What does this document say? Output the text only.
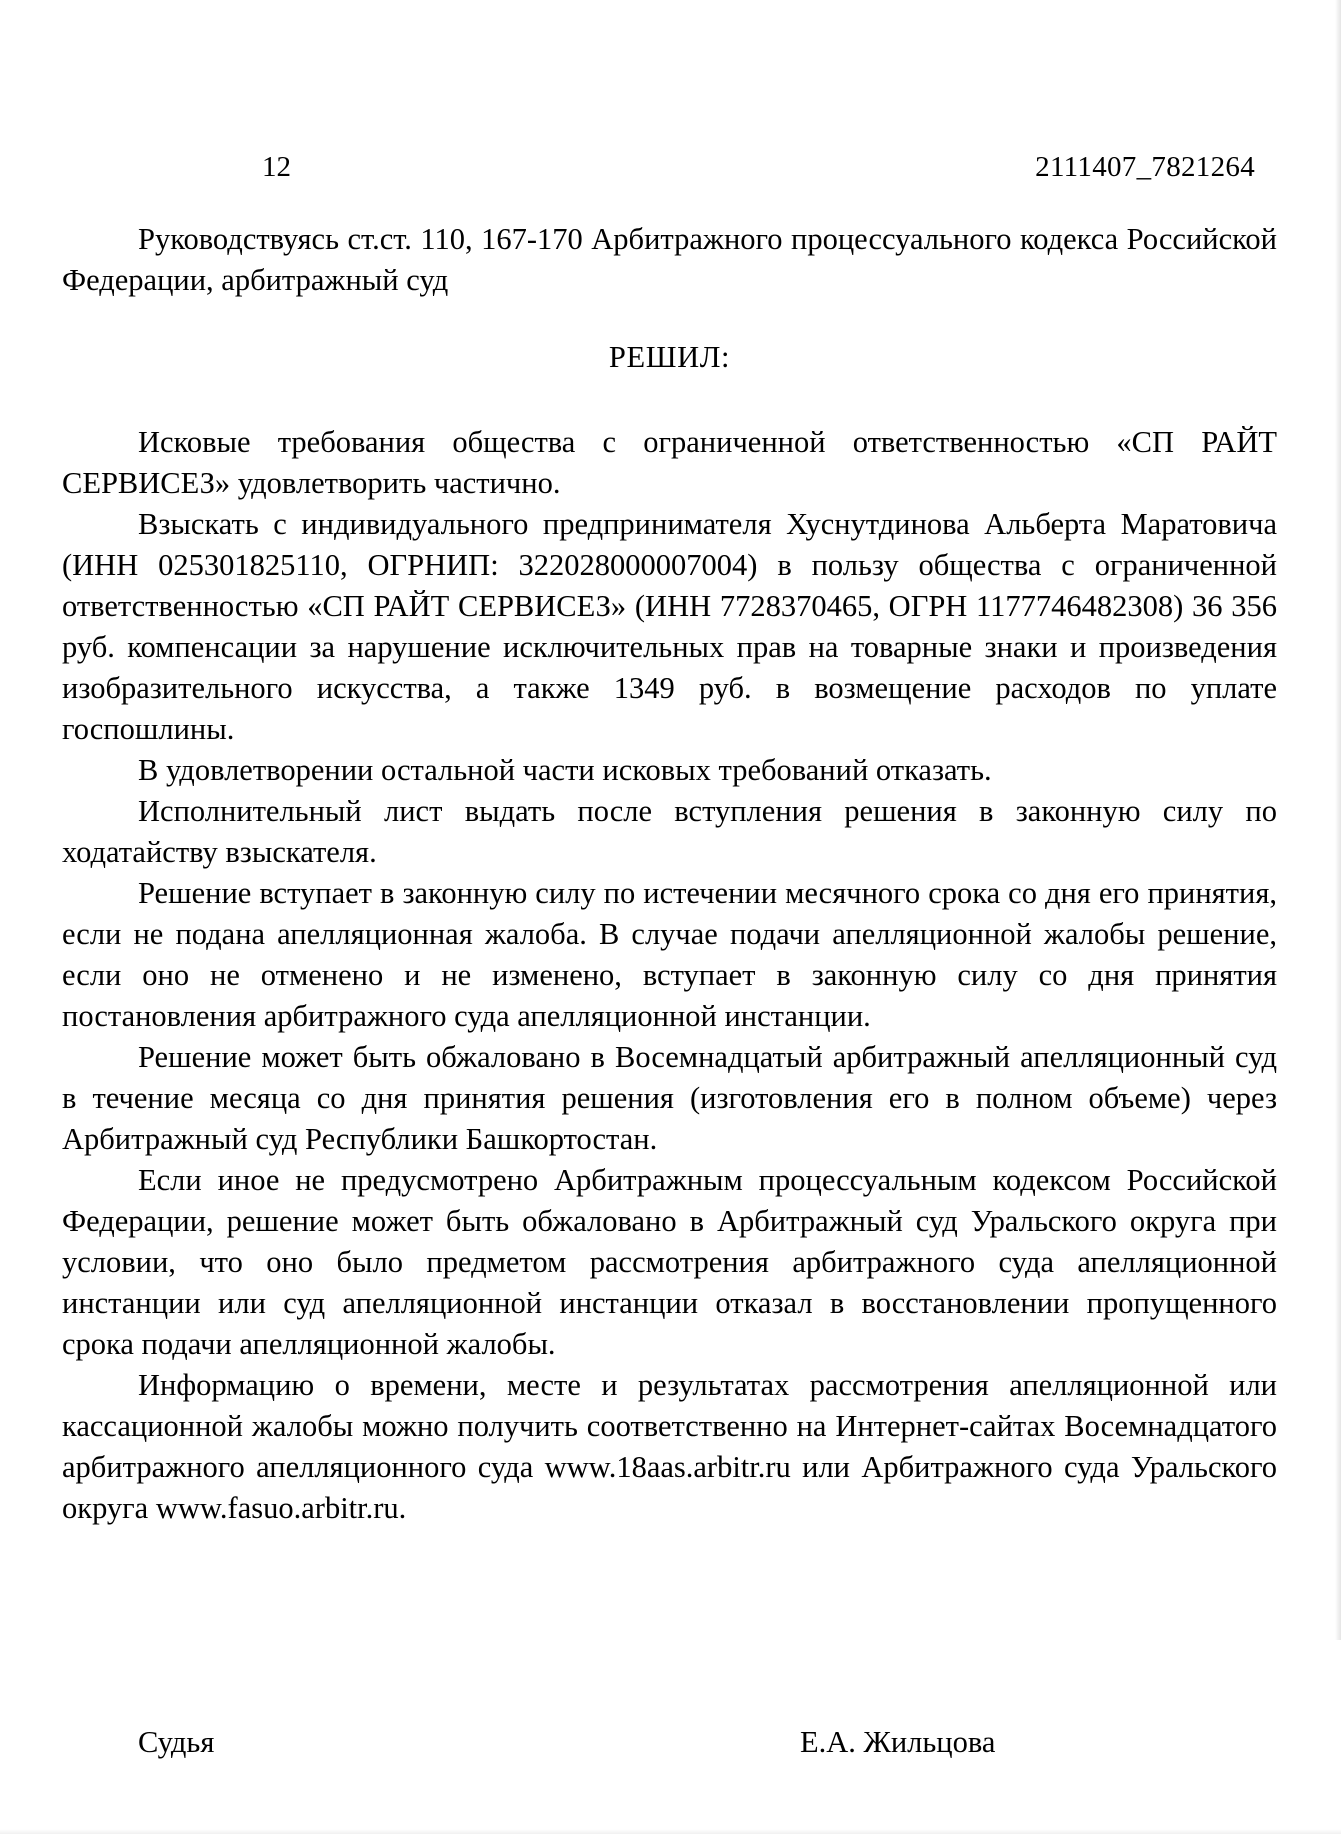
12	2111407_7821264

Руководствуясь ст.ст. 110, 167-170 Арбитражного процессуального кодекса Российской Федерации, арбитражный суд

РЕШИЛ:

Исковые требования общества с ограниченной ответственностью «СП РАЙТ СЕРВИСЕЗ» удовлетворить частично.

Взыскать с индивидуального предпринимателя Хуснутдинова Альберта Маратовича (ИНН 025301825110, ОГРНИП: 322028000007004) в пользу общества с ограниченной ответственностью «СП РАЙТ СЕРВИСЕЗ» (ИНН 7728370465, ОГРН 1177746482308) 36 356 руб. компенсации за нарушение исключительных прав на товарные знаки и произведения изобразительного искусства, а также 1349 руб. в возмещение расходов по уплате госпошлины.

В удовлетворении остальной части исковых требований отказать.

Исполнительный лист выдать после вступления решения в законную силу по ходатайству взыскателя.

Решение вступает в законную силу по истечении месячного срока со дня его принятия, если не подана апелляционная жалоба. В случае подачи апелляционной жалобы решение, если оно не отменено и не изменено, вступает в законную силу со дня принятия постановления арбитражного суда апелляционной инстанции.

Решение может быть обжаловано в Восемнадцатый арбитражный апелляционный суд в течение месяца со дня принятия решения (изготовления его в полном объеме) через Арбитражный суд Республики Башкортостан.

Если иное не предусмотрено Арбитражным процессуальным кодексом Российской Федерации, решение может быть обжаловано в Арбитражный суд Уральского округа при условии, что оно было предметом рассмотрения арбитражного суда апелляционной инстанции или суд апелляционной инстанции отказал в восстановлении пропущенного срока подачи апелляционной жалобы.

Информацию о времени, месте и результатах рассмотрения апелляционной или кассационной жалобы можно получить соответственно на Интернет-сайтах Восемнадцатого арбитражного апелляционного суда www.18aas.arbitr.ru или Арбитражного суда Уральского округа www.fasuo.arbitr.ru.

Судья	Е.А. Жильцова
